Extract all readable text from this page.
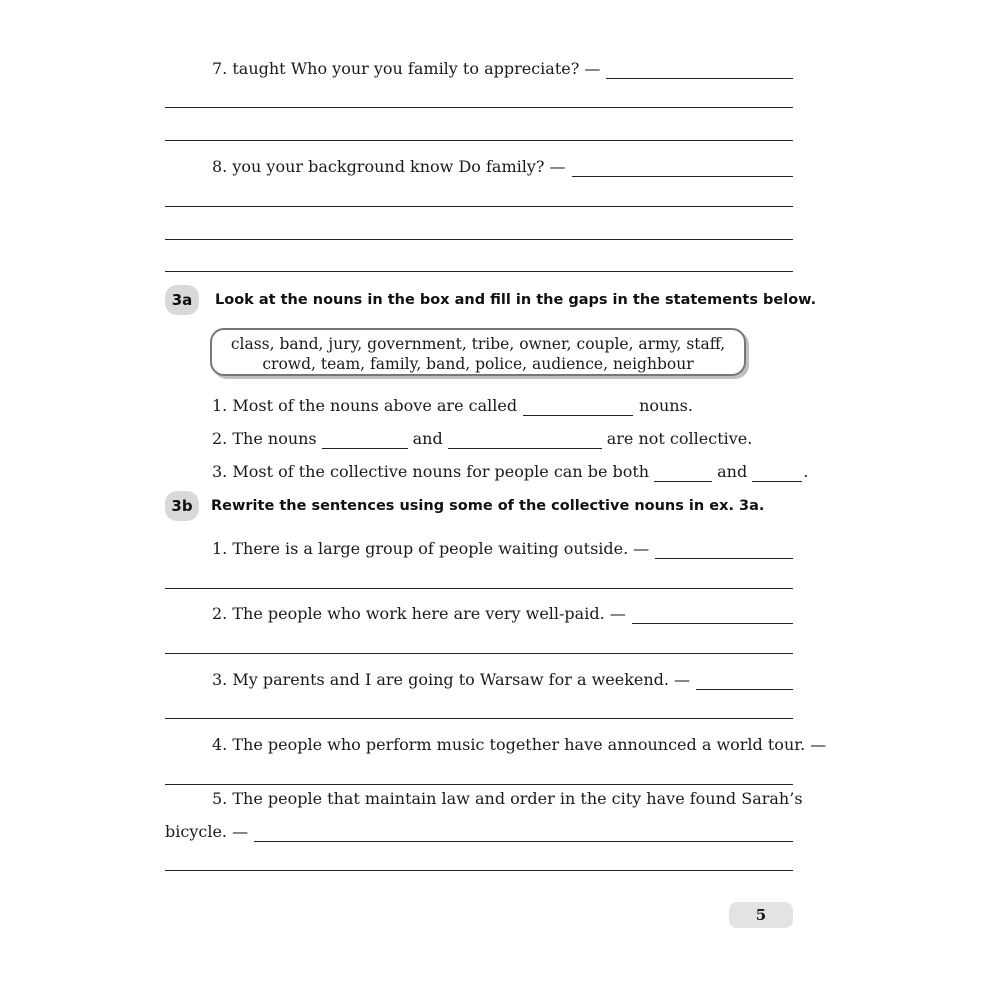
7. taught Who your you family to appreciate? —
8. you your background know Do family? —
3a	Look at the nouns in the box and fill in the gaps in the statements below.
class, band, jury, government, tribe, owner, couple, army, staff,
crowd, team, family, band, police, audience, neighbour
1. Most of the nouns above are called	nouns.
2. The nouns	and	are not collective.
3. Most of the collective nouns for people can be both	and	.
3b	Rewrite the sentences using some of the collective nouns in ex. 3a.
1. There is a large group of people waiting outside. —
2. The people who work here are very well-paid. —
3. My parents and I are going to Warsaw for a weekend. —
4. The people who perform music together have announced a world tour. —
5. The people that maintain law and order in the city have found Sarah’s
bicycle. —
5
